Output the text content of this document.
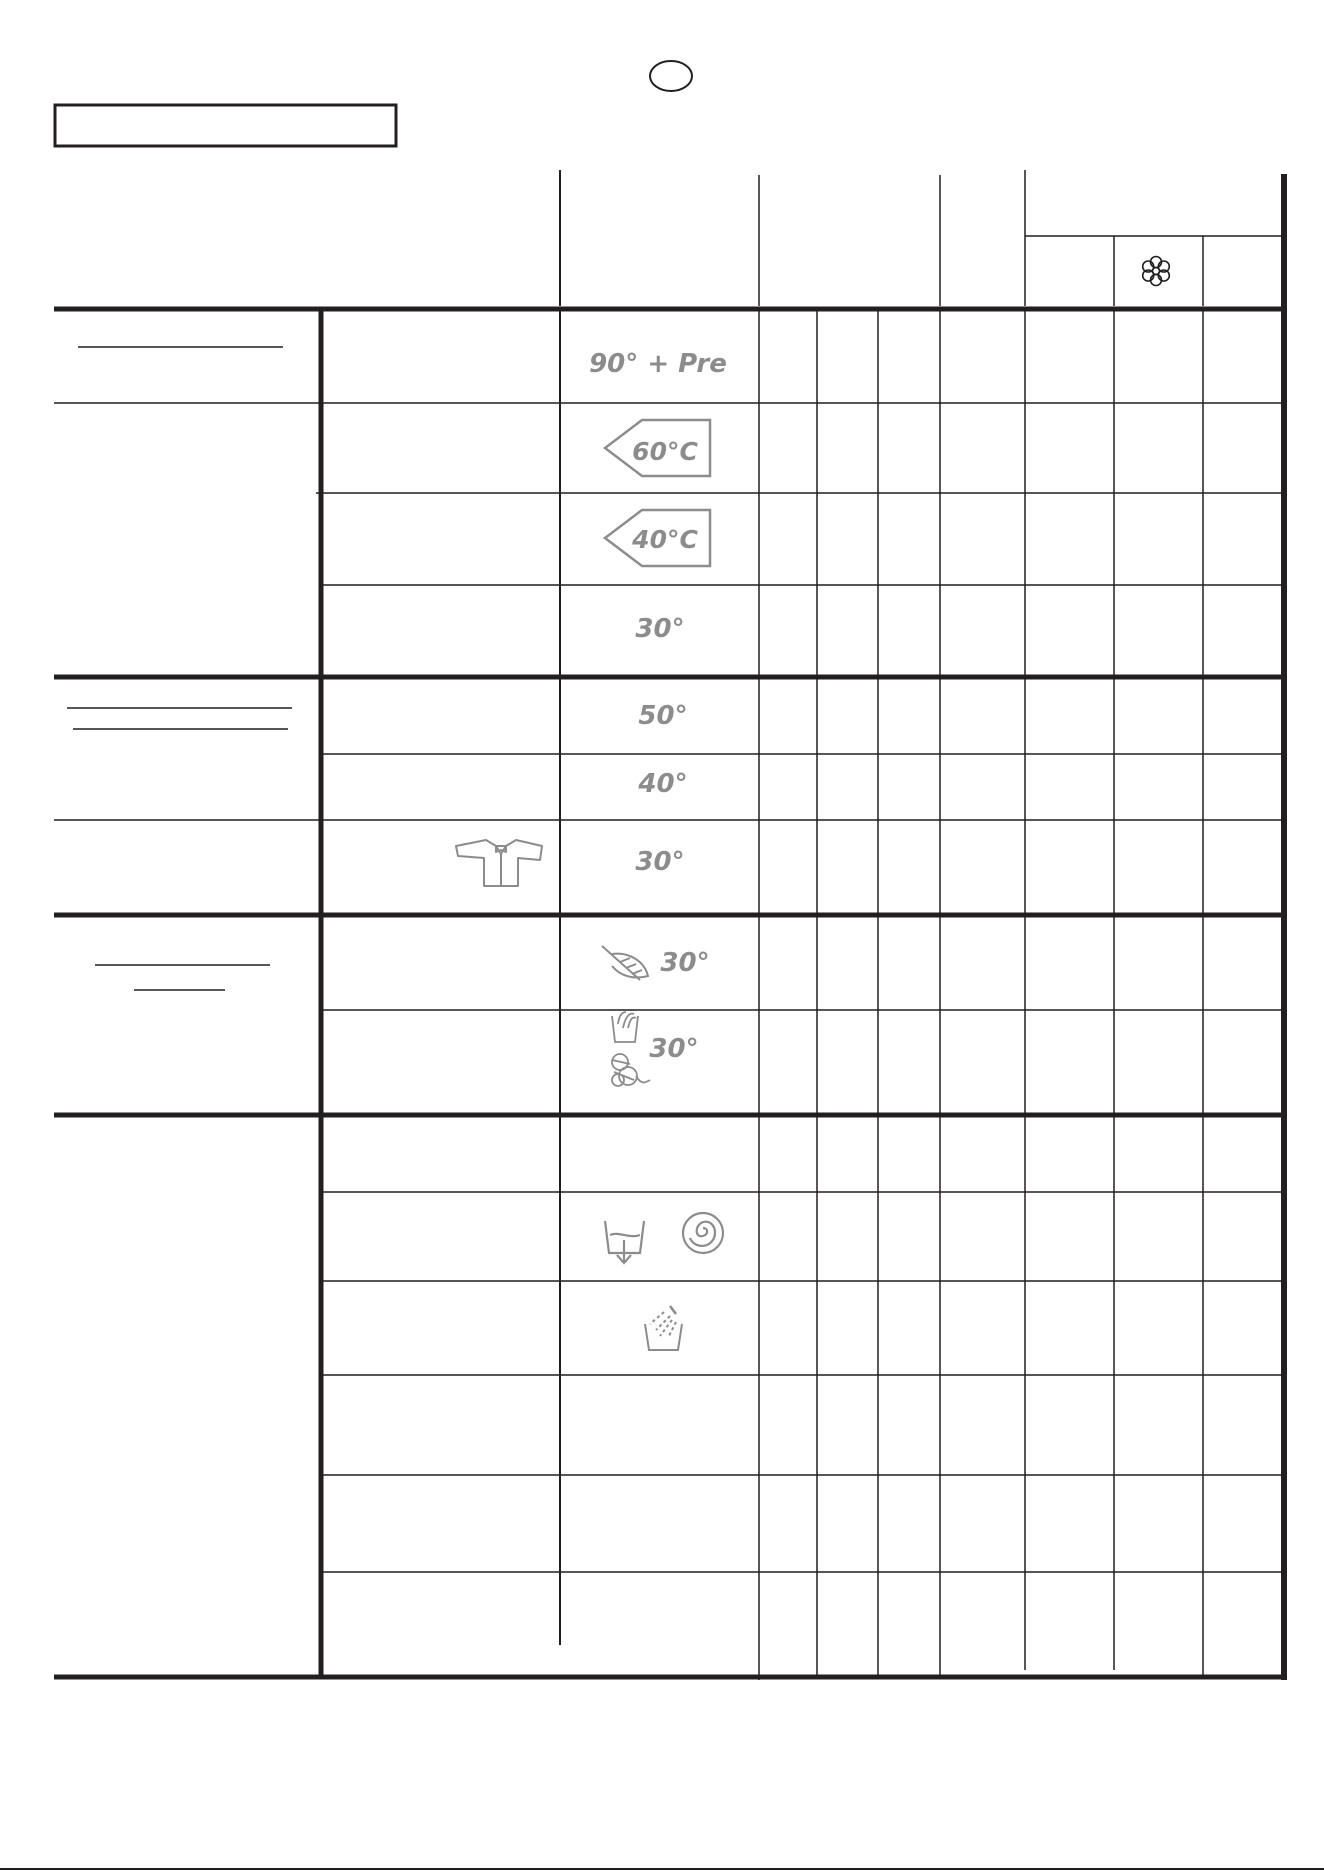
90° + Pre
60°C
40°C
30°
50°
40°
30°
30°
30°
